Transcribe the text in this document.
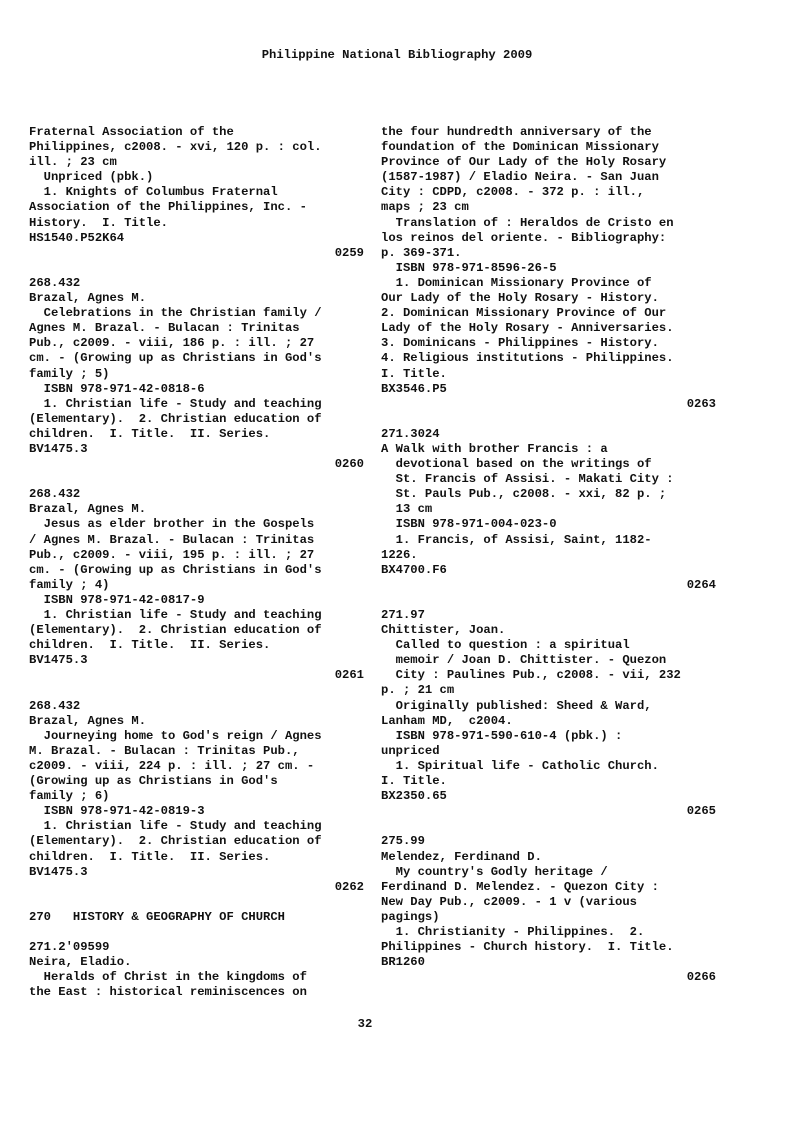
Philippine National Bibliography 2009
Fraternal Association of the
Philippines, c2008. - xvi, 120 p. : col.
ill. ; 23 cm
Unpriced (pbk.)
1. Knights of Columbus Fraternal
Association of the Philippines, Inc. -
History.  I. Title.
HS1540.P52K64
0259
268.432
Brazal, Agnes M.
Celebrations in the Christian family /
Agnes M. Brazal. - Bulacan : Trinitas
Pub., c2009. - viii, 186 p. : ill. ; 27
cm. - (Growing up as Christians in God's
family ; 5)
ISBN 978-971-42-0818-6
1. Christian life - Study and teaching
(Elementary).  2. Christian education of
children.  I. Title.  II. Series.
BV1475.3
0260
268.432
Brazal, Agnes M.
Jesus as elder brother in the Gospels
/ Agnes M. Brazal. - Bulacan : Trinitas
Pub., c2009. - viii, 195 p. : ill. ; 27
cm. - (Growing up as Christians in God's
family ; 4)
ISBN 978-971-42-0817-9
1. Christian life - Study and teaching
(Elementary).  2. Christian education of
children.  I. Title.  II. Series.
BV1475.3
0261
268.432
Brazal, Agnes M.
Journeying home to God's reign / Agnes
M. Brazal. - Bulacan : Trinitas Pub.,
c2009. - viii, 224 p. : ill. ; 27 cm. -
(Growing up as Christians in God's
family ; 6)
ISBN 978-971-42-0819-3
1. Christian life - Study and teaching
(Elementary).  2. Christian education of
children.  I. Title.  II. Series.
BV1475.3
0262
270   HISTORY & GEOGRAPHY OF CHURCH
271.2'09599
Neira, Eladio.
Heralds of Christ in the kingdoms of
the East : historical reminiscences on
the four hundredth anniversary of the
foundation of the Dominican Missionary
Province of Our Lady of the Holy Rosary
(1587-1987) / Eladio Neira. - San Juan
City : CDPD, c2008. - 372 p. : ill.,
maps ; 23 cm
Translation of : Heraldos de Cristo en
los reinos del oriente. - Bibliography:
p. 369-371.
ISBN 978-971-8596-26-5
1. Dominican Missionary Province of
Our Lady of the Holy Rosary - History.
2. Dominican Missionary Province of Our
Lady of the Holy Rosary - Anniversaries.
3. Dominicans - Philippines - History.
4. Religious institutions - Philippines.
I. Title.
BX3546.P5
0263
271.3024
A Walk with brother Francis : a
devotional based on the writings of
St. Francis of Assisi. - Makati City :
St. Pauls Pub., c2008. - xxi, 82 p. ;
13 cm
ISBN 978-971-004-023-0
1. Francis, of Assisi, Saint, 1182-
1226.
BX4700.F6
0264
271.97
Chittister, Joan.
Called to question : a spiritual
memoir / Joan D. Chittister. - Quezon
City : Paulines Pub., c2008. - vii, 232
p. ; 21 cm
Originally published: Sheed & Ward,
Lanham MD,  c2004.
ISBN 978-971-590-610-4 (pbk.) :
unpriced
1. Spiritual life - Catholic Church.
I. Title.
BX2350.65
0265
275.99
Melendez, Ferdinand D.
My country's Godly heritage /
Ferdinand D. Melendez. - Quezon City :
New Day Pub., c2009. - 1 v (various
pagings)
1. Christianity - Philippines.  2.
Philippines - Church history.  I. Title.
BR1260
0266
32
